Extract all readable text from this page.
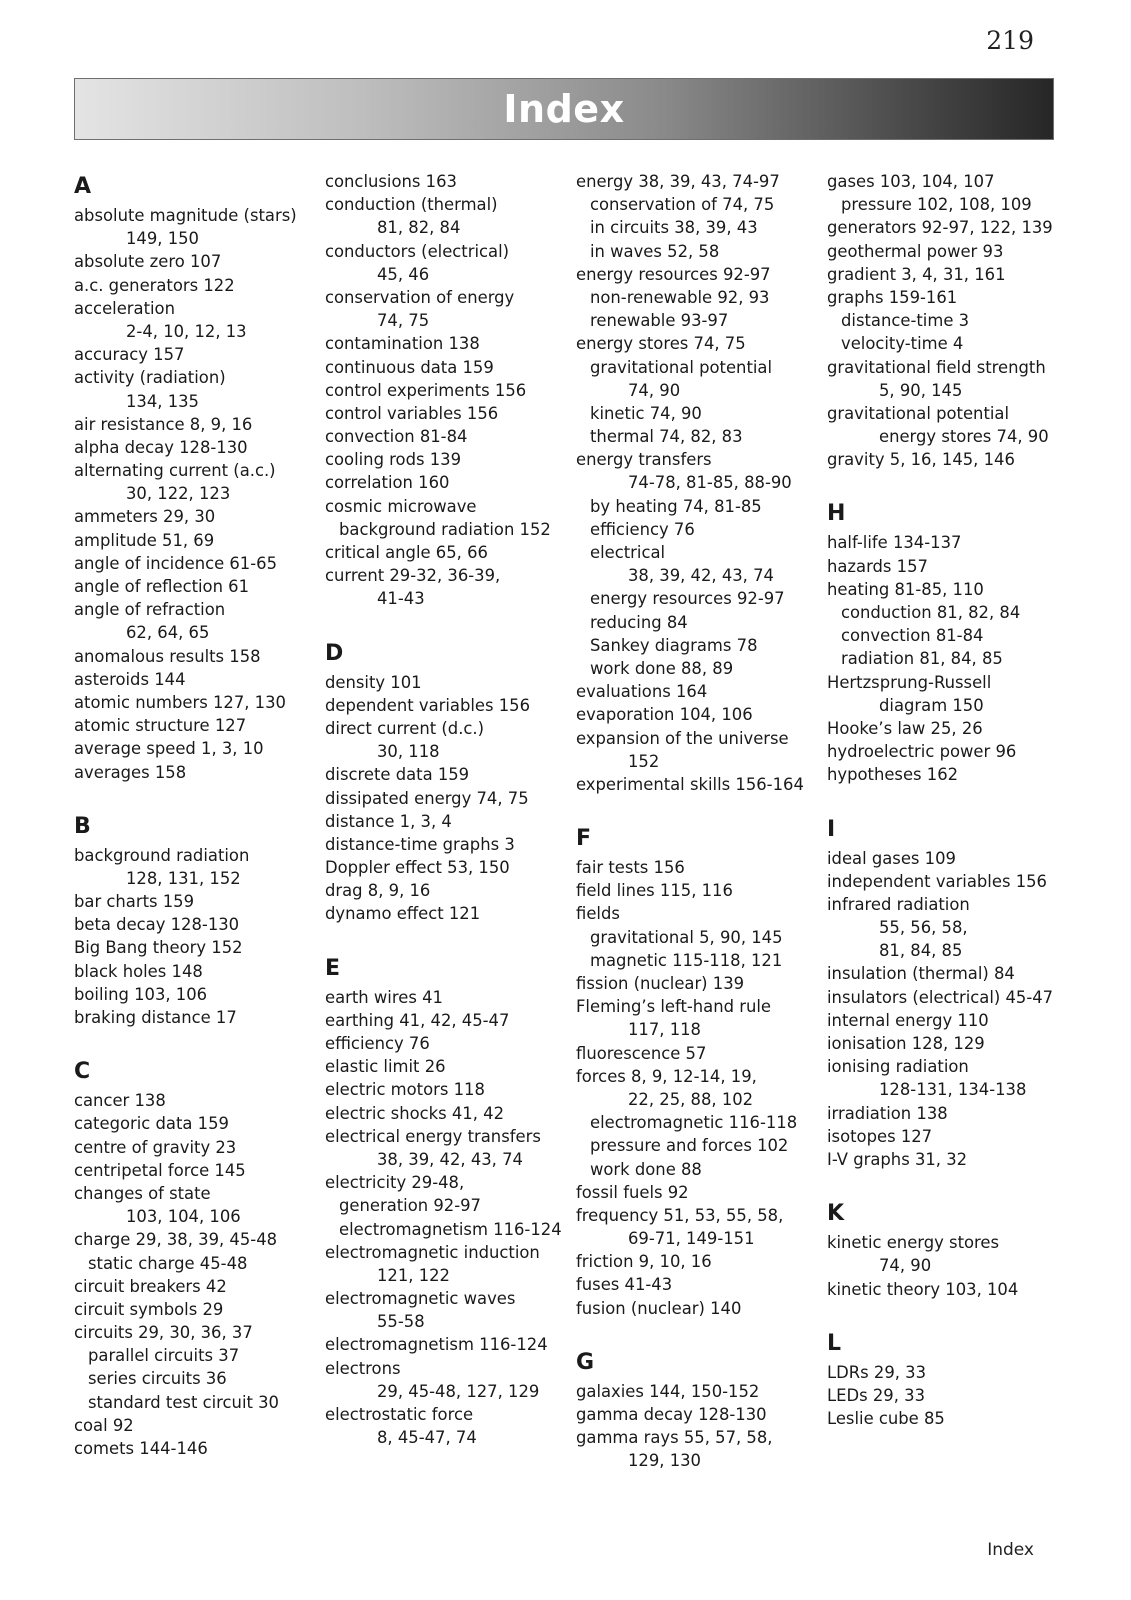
219
Index
A
absolute magnitude (stars)
149, 150
absolute zero 107
a.c. generators 122
acceleration
2-4, 10, 12, 13
accuracy 157
activity (radiation)
134, 135
air resistance 8, 9, 16
alpha decay 128-130
alternating current (a.c.)
30, 122, 123
ammeters 29, 30
amplitude 51, 69
angle of incidence 61-65
angle of reflection 61
angle of refraction
62, 64, 65
anomalous results 158
asteroids 144
atomic numbers 127, 130
atomic structure 127
average speed 1, 3, 10
averages 158
B
background radiation
128, 131, 152
bar charts 159
beta decay 128-130
Big Bang theory 152
black holes 148
boiling 103, 106
braking distance 17
C
cancer 138
categoric data 159
centre of gravity 23
centripetal force 145
changes of state
103, 104, 106
charge 29, 38, 39, 45-48
static charge 45-48
circuit breakers 42
circuit symbols 29
circuits 29, 30, 36, 37
parallel circuits 37
series circuits 36
standard test circuit 30
coal 92
comets 144-146
conclusions 163
conduction (thermal)
81, 82, 84
conductors (electrical)
45, 46
conservation of energy
74, 75
contamination 138
continuous data 159
control experiments 156
control variables 156
convection 81-84
cooling rods 139
correlation 160
cosmic microwave
background radiation 152
critical angle 65, 66
current 29-32, 36-39,
41-43
D
density 101
dependent variables 156
direct current (d.c.)
30, 118
discrete data 159
dissipated energy 74, 75
distance 1, 3, 4
distance-time graphs 3
Doppler effect 53, 150
drag 8, 9, 16
dynamo effect 121
E
earth wires 41
earthing 41, 42, 45-47
efficiency 76
elastic limit 26
electric motors 118
electric shocks 41, 42
electrical energy transfers
38, 39, 42, 43, 74
electricity 29-48,
generation 92-97
electromagnetism 116-124
electromagnetic induction
121, 122
electromagnetic waves
55-58
electromagnetism 116-124
electrons
29, 45-48, 127, 129
electrostatic force
8, 45-47, 74
energy 38, 39, 43, 74-97
conservation of 74, 75
in circuits 38, 39, 43
in waves 52, 58
energy resources 92-97
non-renewable 92, 93
renewable 93-97
energy stores 74, 75
gravitational potential
74, 90
kinetic 74, 90
thermal 74, 82, 83
energy transfers
74-78, 81-85, 88-90
by heating 74, 81-85
efficiency 76
electrical
38, 39, 42, 43, 74
energy resources 92-97
reducing 84
Sankey diagrams 78
work done 88, 89
evaluations 164
evaporation 104, 106
expansion of the universe
152
experimental skills 156-164
F
fair tests 156
field lines 115, 116
fields
gravitational 5, 90, 145
magnetic 115-118, 121
fission (nuclear) 139
Fleming’s left-hand rule
117, 118
fluorescence 57
forces 8, 9, 12-14, 19,
22, 25, 88, 102
electromagnetic 116-118
pressure and forces 102
work done 88
fossil fuels 92
frequency 51, 53, 55, 58,
69-71, 149-151
friction 9, 10, 16
fuses 41-43
fusion (nuclear) 140
G
galaxies 144, 150-152
gamma decay 128-130
gamma rays 55, 57, 58,
129, 130
gases 103, 104, 107
pressure 102, 108, 109
generators 92-97, 122, 139
geothermal power 93
gradient 3, 4, 31, 161
graphs 159-161
distance-time 3
velocity-time 4
gravitational field strength
5, 90, 145
gravitational potential
energy stores 74, 90
gravity 5, 16, 145, 146
H
half-life 134-137
hazards 157
heating 81-85, 110
conduction 81, 82, 84
convection 81-84
radiation 81, 84, 85
Hertzsprung-Russell
diagram 150
Hooke’s law 25, 26
hydroelectric power 96
hypotheses 162
I
ideal gases 109
independent variables 156
infrared radiation
55, 56, 58,
81, 84, 85
insulation (thermal) 84
insulators (electrical) 45-47
internal energy 110
ionisation 128, 129
ionising radiation
128-131, 134-138
irradiation 138
isotopes 127
I-V graphs 31, 32
K
kinetic energy stores
74, 90
kinetic theory 103, 104
L
LDRs 29, 33
LEDs 29, 33
Leslie cube 85
Index
